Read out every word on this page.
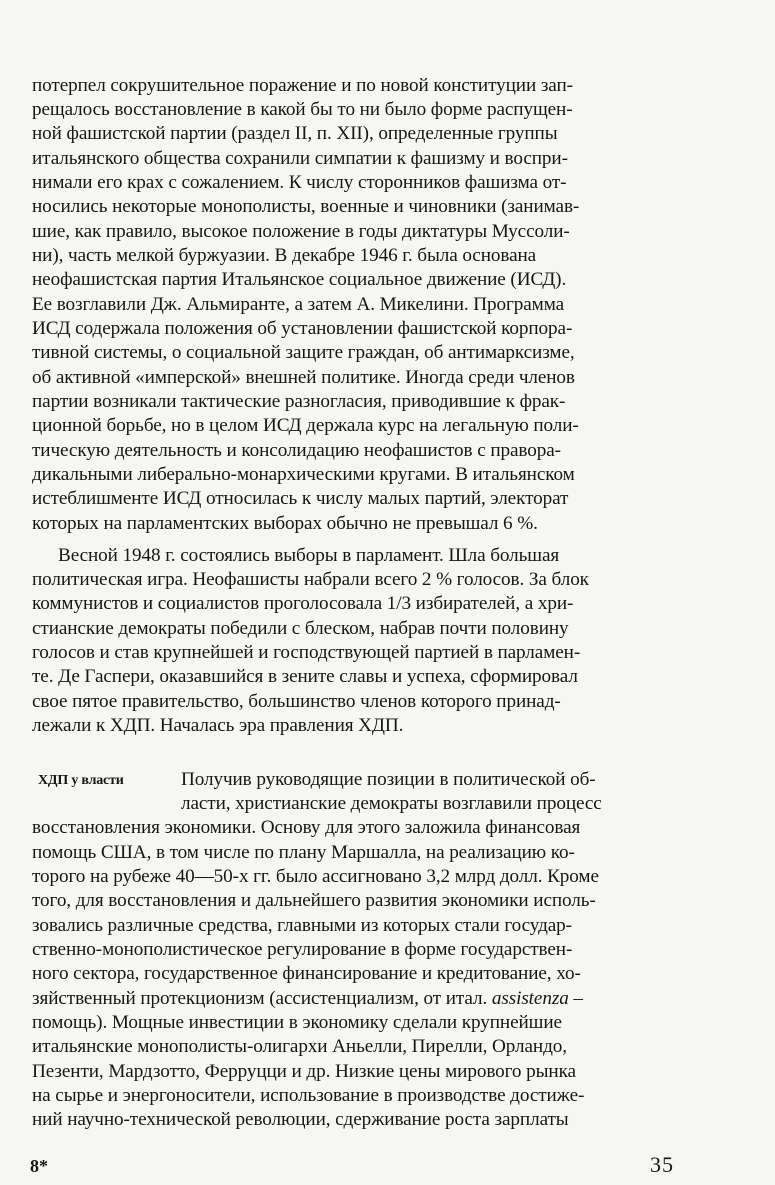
потерпел сокрушительное поражение и по новой конституции зап-
рещалось восстановление в какой бы то ни было форме распущен-
ной фашистской партии (раздел II, п. XII), определенные группы
итальянского общества сохранили симпатии к фашизму и воспри-
нимали его крах с сожалением. К числу сторонников фашизма от-
носились некоторые монополисты, военные и чиновники (занимав-
шие, как правило, высокое положение в годы диктатуры Муссоли-
ни), часть мелкой буржуазии. В декабре 1946 г. была основана
неофашистская партия Итальянское социальное движение (ИСД).
Ее возглавили Дж. Альмиранте, а затем А. Микелини. Программа
ИСД содержала положения об установлении фашистской корпора-
тивной системы, о социальной защите граждан, об антимарксизме,
об активной «имперской» внешней политике. Иногда среди членов
партии возникали тактические разногласия, приводившие к фрак-
ционной борьбе, но в целом ИСД держала курс на легальную поли-
тическую деятельность и консолидацию неофашистов с правора-
дикальными либерально-монархическими кругами. В итальянском
истеблишменте ИСД относилась к числу малых партий, электорат
которых на парламентских выборах обычно не превышал 6 %.
Весной 1948 г. состоялись выборы в парламент. Шла большая
политическая игра. Неофашисты набрали всего 2 % голосов. За блок
коммунистов и социалистов проголосовала 1/3 избирателей, а хри-
стианские демократы победили с блеском, набрав почти половину
голосов и став крупнейшей и господствующей партией в парламен-
те. Де Гаспери, оказавшийся в зените славы и успеха, сформировал
свое пятое правительство, большинство членов которого принад-
лежали к ХДП. Началась эра правления ХДП.
ХДП у власти	Получив руководящие позиции в политической об-
ласти, христианские демократы возглавили процесс
восстановления экономики. Основу для этого заложила финансовая
помощь США, в том числе по плану Маршалла, на реализацию ко-
торого на рубеже 40—50-х гг. было ассигновано 3,2 млрд долл. Кроме
того, для восстановления и дальнейшего развития экономики исполь-
зовались различные средства, главными из которых стали государ-
ственно-монополистическое регулирование в форме государствен-
ного сектора, государственное финансирование и кредитование, хо-
зяйственный протекционизм (ассистенциализм, от итал. assistenza –
помощь). Мощные инвестиции в экономику сделали крупнейшие
итальянские монополисты-олигархи Аньелли, Пирелли, Орландо,
Пезенти, Мардзотто, Ферруцци и др. Низкие цены мирового рынка
на сырье и энергоносители, использование в производстве достиже-
ний научно-технической революции, сдерживание роста зарплаты
8*	35
